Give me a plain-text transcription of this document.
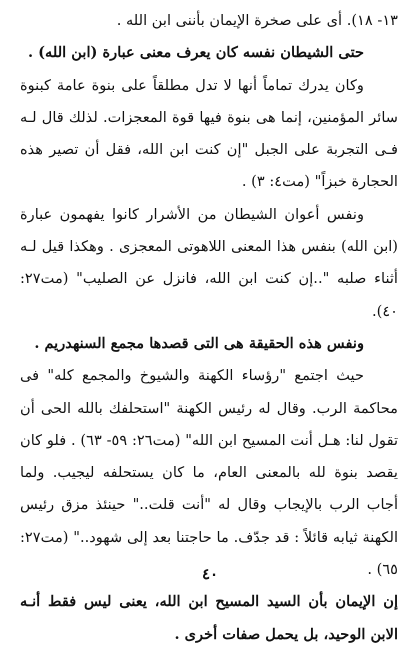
١٣- ١٨). أى على صخرة الإيمان بأننى ابن الله .

حتى الشيطان نفسه كان يعرف معنى عبارة (ابن الله) .

وكان يدرك تماماً أنها لا تدل مطلقاً على بنوة عامة كبنوة سائر المؤمنين، إنما هى بنوة فيها قوة المعجزات. لذلك قال لـه فـى التجربة على الجبل "إن كنت ابن الله، فقل أن تصير هذه الحجارة خبزاً" (مت٤: ٣) .

ونفس أعوان الشيطان من الأشرار كانوا يفهمون عبارة (ابن الله) بنفس هذا المعنى اللاهوتى المعجزى . وهكذا قيل لـه أثناء صلبه "..إن كنت ابن الله، فانزل عن الصليب" (مت٢٧: ٤٠).

ونفس هذه الحقيقة هى التى قصدها مجمع السنهدريم .

حيث اجتمع "رؤساء الكهنة والشيوخ والمجمع كله" فى محاكمة الرب. وقال له رئيس الكهنة "استحلفك بالله الحى أن تقول لنا: هـل أنت المسيح ابن الله" (مت٢٦: ٥٩- ٦٣) . فلو كان يقصد بنوة لله بالمعنى العام، ما كان يستحلفه ليجيب. ولما أجاب الرب بالإيجاب وقال له "أنت قلت.." حينئذ مزق رئيس الكهنة ثيابه قائلاً : قد جدّف. ما حاجتنا بعد إلى شهود.." (مت٢٧: ٦٥) .

إن الإيمان بأن السيد المسيح ابن الله، يعنى ليس فقط أنـه الابن الوحيد، بل يحمل صفات أخرى .

٤٠
